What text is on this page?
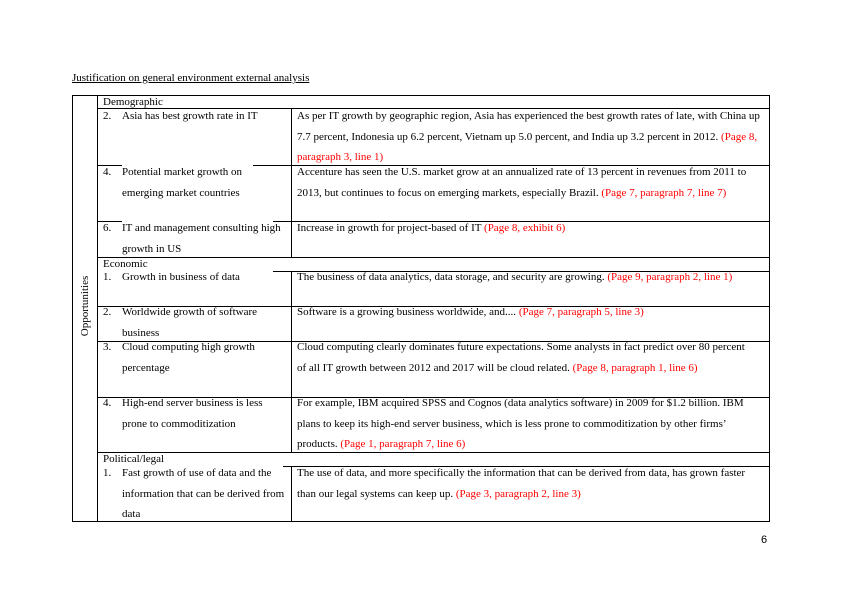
Justification on general environment external analysis
Opportunities
Demographic
Economic
Political/legal
2. Asia has best growth rate in IT	As per IT growth by geographic region, Asia has experienced the best growth rates of late, with China up 7.7 percent, Indonesia up 6.2 percent, Vietnam up 5.0 percent, and India up 3.2 percent in 2012. (Page 8, paragraph 3, line 1)
4. Potential market growth on emerging market countries
Accenture has seen the U.S. market grow at an annualized rate of 13 percent in revenues from 2011 to 2013, but continues to focus on emerging markets, especially Brazil. (Page 7, paragraph 7, line 7)
6. IT and management consulting high growth in US
Increase in growth for project-based of IT (Page 8, exhibit 6)
1. Growth in business of data	The business of data analytics, data storage, and security are growing. (Page 9, paragraph 2, line 1)
2. Worldwide growth of software business
Software is a growing business worldwide, and.... (Page 7, paragraph 5, line 3)
3. Cloud computing high growth percentage
Cloud computing clearly dominates future expectations. Some analysts in fact predict over 80 percent
of all IT growth between 2012 and 2017 will be cloud related. (Page 8, paragraph 1, line 6)
4. High-end server business is less prone to commoditization
For example, IBM acquired SPSS and Cognos (data analytics software) in 2009 for $1.2 billion. IBM plans to keep its high-end server business, which is less prone to commoditization by other firms’ products. (Page 1, paragraph 7, line 6)
1. Fast growth of use of data and the information that can be derived from data
The use of data, and more specifically the information that can be derived from data, has grown faster than our legal systems can keep up. (Page 3, paragraph 2, line 3)
6
